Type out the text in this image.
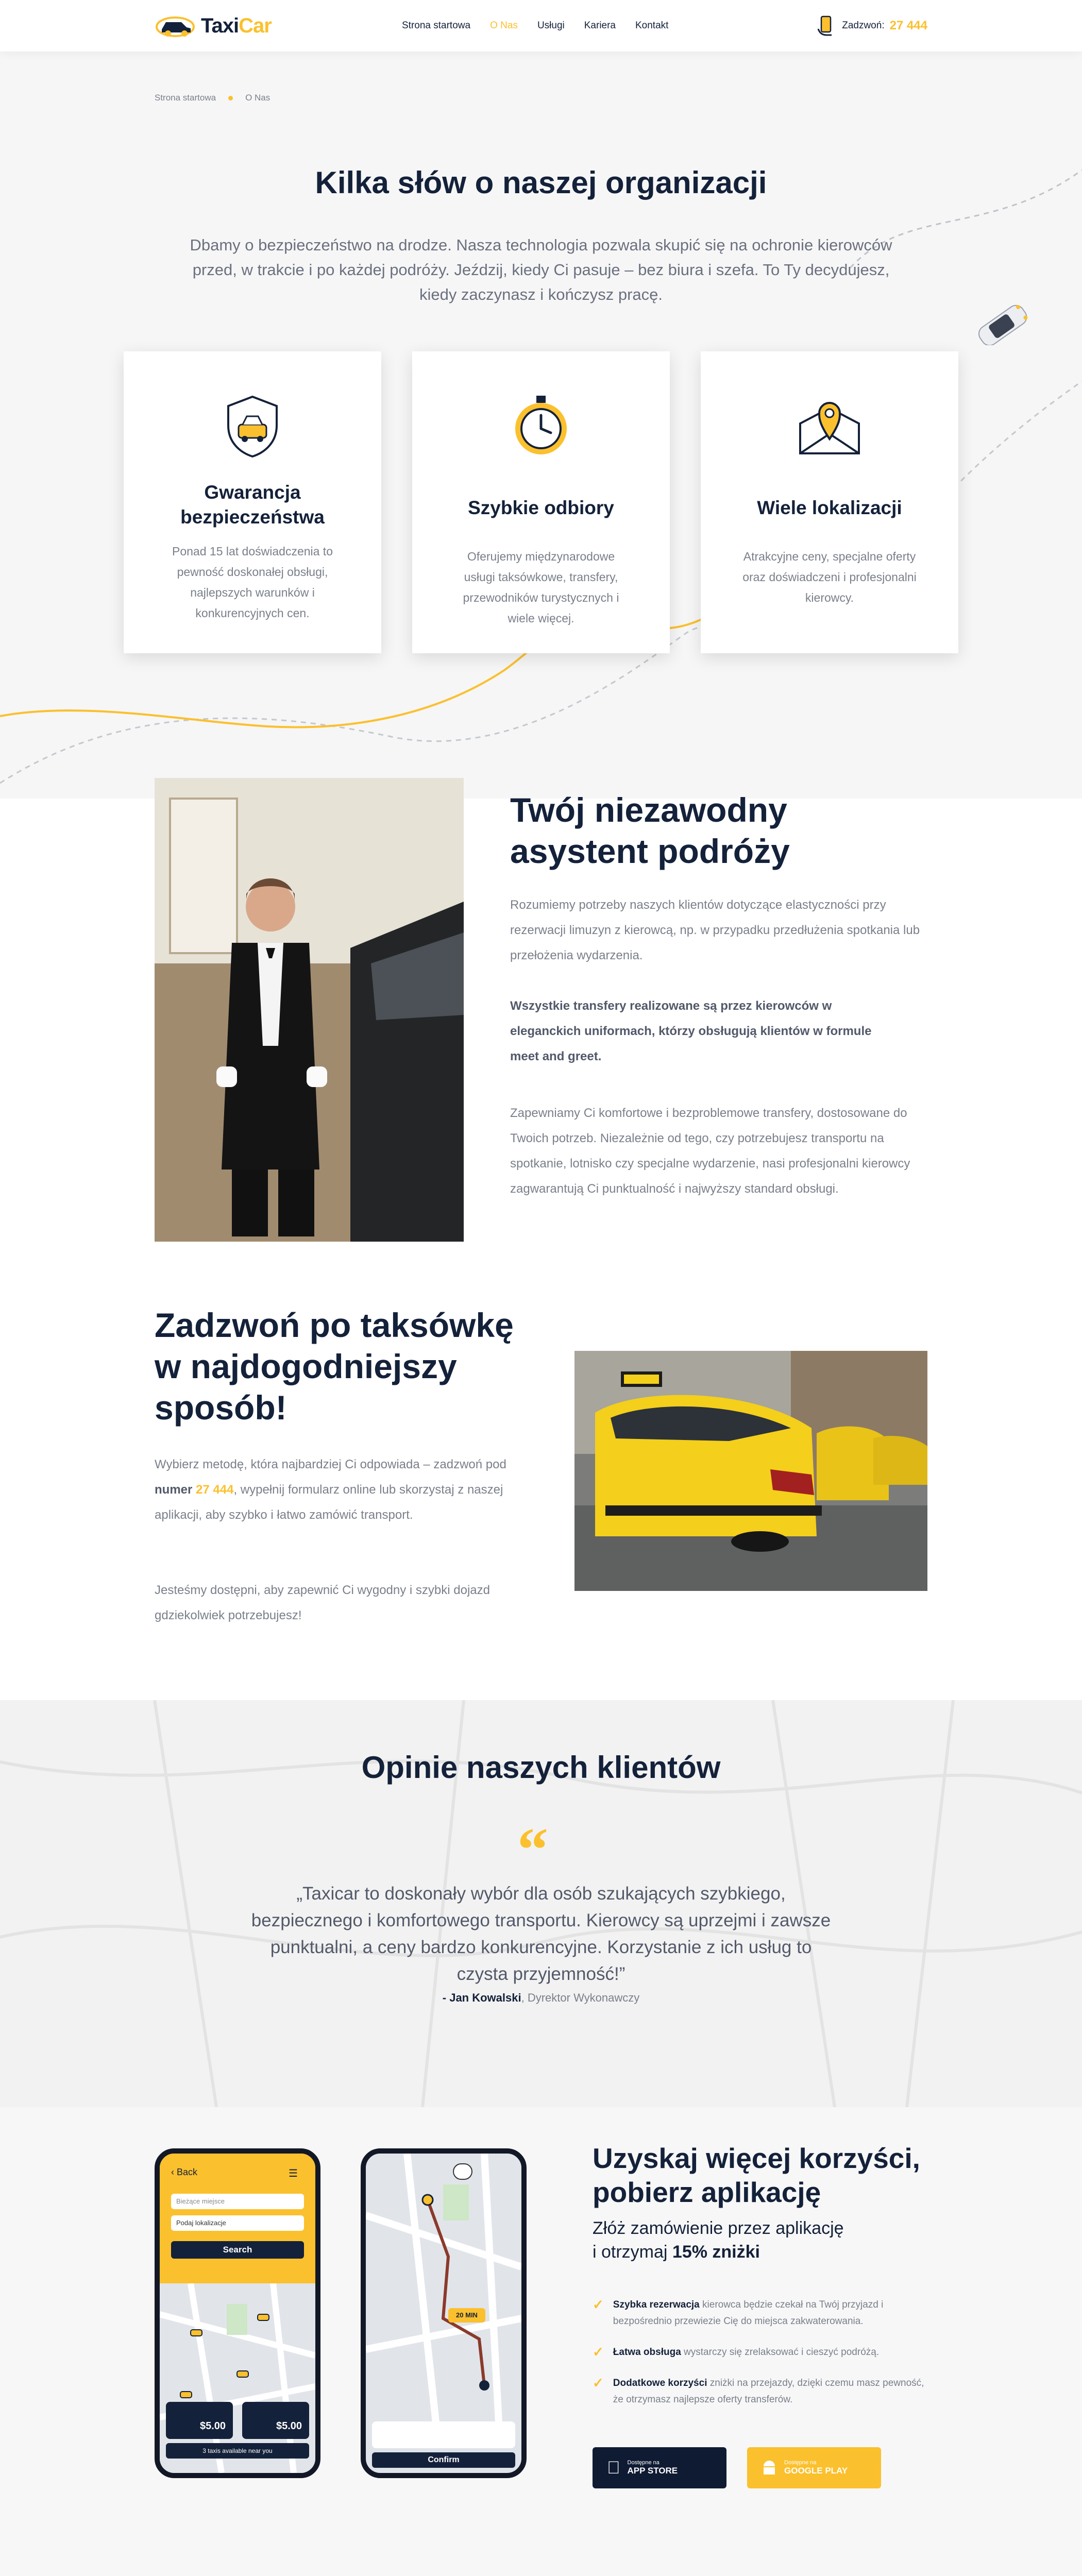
TaxiCar	Strona startowa O Nas Usługi Kariera Kontakt	Zadzwoń: 27 444
Strona startowa	O Nas
Kilka słów o naszej organizacji

Dbamy o bezpieczeństwo na drodze. Nasza technologia pozwala skupić się na ochronie kierowców przed, w trakcie i po każdej podróży. Jeździj, kiedy Ci pasuje – bez biura i szefa. To Ty decydujesz, kiedy zaczynasz i kończysz pracę.

Gwarancja bezpieczeństwa

Ponad 15 lat doświadczenia to pewność doskonałej obsługi, najlepszych warunków i konkurencyjnych cen.

Szybkie odbiory

Oferujemy międzynarodowe usługi taksówkowe, transfery, przewodników turystycznych i wiele więcej.

Wiele lokalizacji

Atrakcyjne ceny, specjalne oferty oraz doświadczeni i profesjonalni kierowcy.

Twój niezawodny
asystent podróży

Rozumiemy potrzeby naszych klientów dotyczące elastyczności przy rezerwacji limuzyn z kierowcą, np. w przypadku przedłużenia spotkania lub przełożenia wydarzenia.

Wszystkie transfery realizowane są przez kierowców w eleganckich uniformach, którzy obsługują klientów w formule meet and greet.

Zapewniamy Ci komfortowe i bezproblemowe transfery, dostosowane do Twoich potrzeb. Niezależnie od tego, czy potrzebujesz transportu na spotkanie, lotnisko czy specjalne wydarzenie, nasi profesjonalni kierowcy zagwarantują Ci punktualność i najwyższy standard obsługi.

Zadzwoń po taksówkę
w najdogodniejszy
sposób!

Wybierz metodę, która najbardziej Ci odpowiada – zadzwoń pod numer 27 444, wypełnij formularz online lub skorzystaj z naszej aplikacji, aby szybko i łatwo zamówić transport.

Jesteśmy dostępni, aby zapewnić Ci wygodny i szybki dojazd gdziekolwiek potrzebujesz!

Opinie naszych klientów
“

„Taxicar to doskonały wybór dla osób szukających szybkiego, bezpiecznego i komfortowego transportu. Kierowcy są uprzejmi i zawsze punktualni, a ceny bardzo konkurencyjne. Korzystanie z ich usług to czysta przyjemność!”

- Jan Kowalski, Dyrektor Wykonawczy

‹ Back	☰
Bieżące miejsce
Podaj lokalizacje
Search
$5.00	$5.00
3 taxis available near you
20 MIN
Confirm
Uzyskaj więcej korzyści,
pobierz aplikację

Złóż zamówienie przez aplikację
i otrzymaj 15% zniżki

✓ Szybka rezerwacja kierowca będzie czekał na Twój przyjazd i bezpośrednio przewiezie Cię do miejsca zakwaterowania.

✓ Łatwa obsługa wystarczy się zrelaksować i cieszyć podróżą.

✓ Dodatkowe korzyści zniżki na przejazdy, dzięki czemu masz pewność, że otrzymasz najlepsze oferty transferów.

Dostępne na
APP STORE
Dostępne na
GOOGLE PLAY
